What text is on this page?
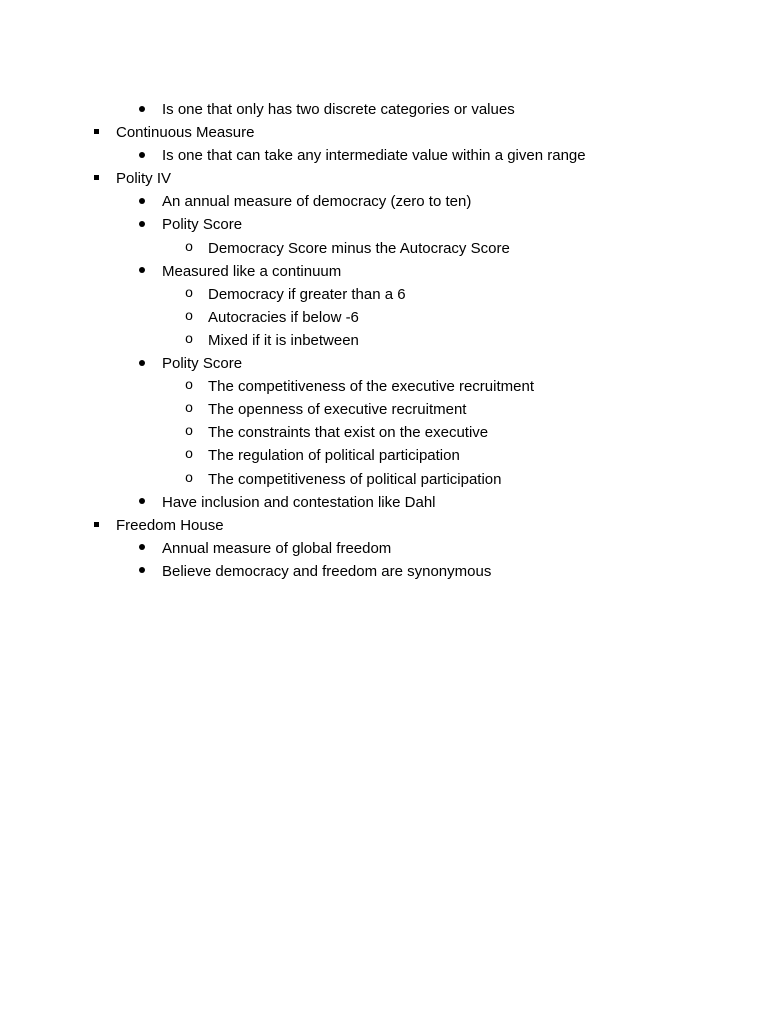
Is one that only has two discrete categories or values
Continuous Measure
Is one that can take any intermediate value within a given range
Polity IV
An annual measure of democracy (zero to ten)
Polity Score
o Democracy Score minus the Autocracy Score
Measured like a continuum
o Democracy if greater than a 6
o Autocracies if below -6
o Mixed if it is inbetween
Polity Score
o The competitiveness of the executive recruitment
o The openness of executive recruitment
o The constraints that exist on the executive
o The regulation of political participation
o The competitiveness of political participation
Have inclusion and contestation like Dahl
Freedom House
Annual measure of global freedom
Believe democracy and freedom are synonymous
